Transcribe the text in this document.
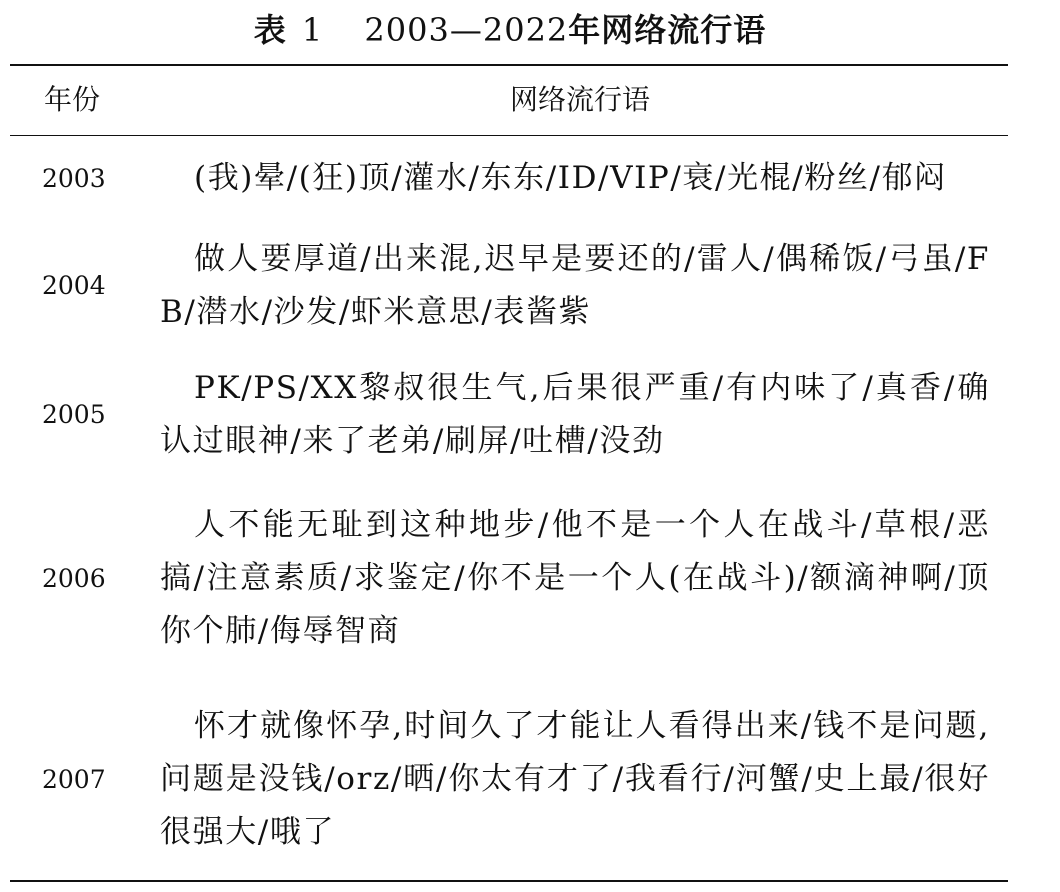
表 1 2003—2022年网络流行语
年份	网络流行语
2003	(我)晕/(狂)顶/灌水/东东/ID/VIP/衰/光棍/粉丝/郁闷
2004
做人要厚道/出来混,迟早是要还的/雷人/偶稀饭/弓虽/FB/潜水/沙发/虾米意思/表酱紫
2005
PK/PS/XX黎叔很生气,后果很严重/有内味了/真香/确认过眼神/来了老弟/刷屏/吐槽/没劲
2006
人不能无耻到这种地步/他不是一个人在战斗/草根/恶搞/注意素质/求鉴定/你不是一个人(在战斗)/额滴神啊/顶你个肺/侮辱智商
2007
怀才就像怀孕,时间久了才能让人看得出来/钱不是问题,问题是没钱/orz/晒/你太有才了/我看行/河蟹/史上最/很好很强大/哦了
